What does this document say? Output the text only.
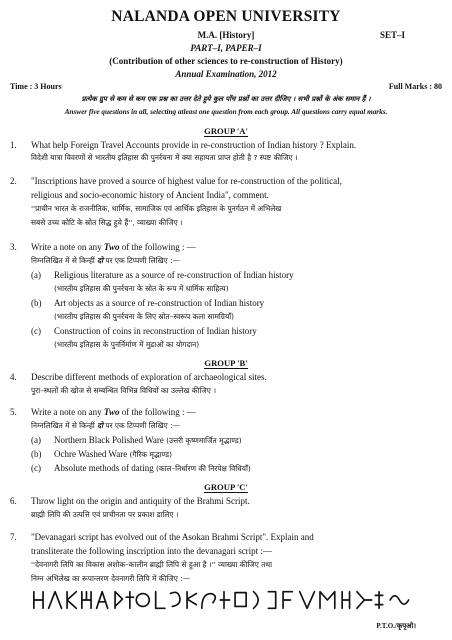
NALANDA OPEN UNIVERSITY
M.A. [History]	SET–I
PART–I, PAPER–I
(Contribution of other sciences to re-construction of History)
Annual Examination, 2012
Time : 3 Hours	Full Marks : 80
प्रत्येक ग्रुप से कम से कम एक प्रश्न का उत्तर देते हुये कुल पाँच प्रश्नों का उत्तर दीजिए । सभी प्रश्नों के अंक समान हैं ।
Answer five questions in all, selecting atleast one question from each group. All questions carry equal marks.
GROUP 'A'
1. What help Foreign Travel Accounts provide in re-construction of Indian history ? Explain.
विदेशी यात्रा विवरणों से भारतीय इतिहास की पुनर्रचना में क्या सहायता प्राप्त होती है ? स्पष्ट कीजिए ।
2. "Inscriptions have proved a source of highest value for re-construction of the political,
religious and socio-economic history of Ancient India", comment.
''प्राचीन भारत के राजनीतिक, धार्मिक, सामाजिक एवं आर्थिक इतिहास के पुनर्गठन में अभिलेख
सबसे उच्च कोटि के स्रोत सिद्ध हुये हैं'', व्याख्या कीजिए ।
3. Write a note on any Two of the following : —
निम्नलिखित में से किन्हीं दो पर एक टिप्पणी लिखिए :—
(a) Religious literature as a source of re-construction of Indian history
(भारतीय इतिहास की पुनर्रचना के स्रोत के रूप में धार्मिक साहित्य)
(b) Art objects as a source of re-construction of Indian history
(भारतीय इतिहास की पुनर्रचना के लिए स्रोत–स्वरूप कला सामग्रियाँ)
(c) Construction of coins in reconstruction of Indian history
(भारतीय इतिहास के पुनर्निर्माण में मुद्राओं का योगदान)
GROUP 'B'
4. Describe different methods of exploration of archaeological sites.
पुरा–स्थलों की खोज से सम्बन्धित विभिन्न विधियों का उल्लेख कीजिए ।
5. Write a note on any Two of the following : —
निम्नलिखित में से किन्हीं दो पर एक टिप्पणी लिखिए :—
(a) Northern Black Polished Ware (उत्तरी कृष्णमार्जित मृद्भाण्ड)
(b) Ochre Washed Ware (गैरिक मृद्भाण्ड)
(c) Absolute methods of dating (काल–निर्धारण की निरपेक्ष विधियाँ)
GROUP 'C'
6. Throw light on the origin and antiquity of the Brahmi Script.
ब्राह्मी लिपि की उत्पत्ति एवं प्राचीनता पर प्रकाश डालिए ।
7. "Devanagari script has evolved out of the Asokan Brahmi Script". Explain and
transliterate the following inscription into the devanagari script :—
''देवनागरी लिपि का विकास अशोक–कालीन ब्राह्मी लिपि से हुआ है ।'' व्याख्या कीजिए तथा
निम्न अभिलेख का रूपान्तरण देवनागरी लिपि में कीजिए :—
P.T.O./कृपृओ।
